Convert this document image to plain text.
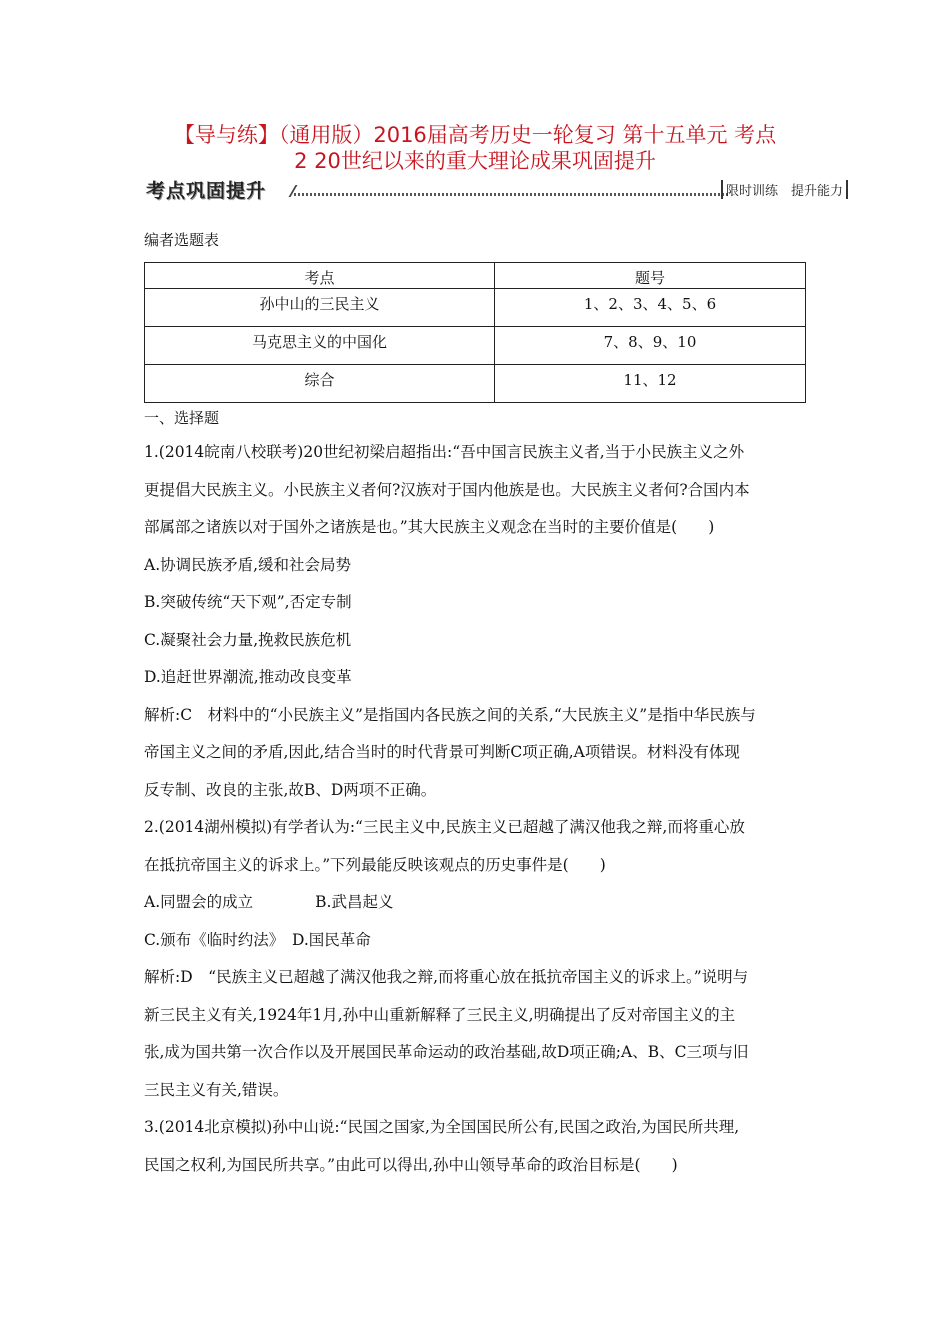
【导与练】（通用版）2016届高考历史一轮复习 第十五单元 考点
2 20世纪以来的重大理论成果巩固提升
考点巩固提升	限时训练　提升能力
编者选题表
考点	题号
孙中山的三民主义	1、2、3、4、5、6
马克思主义的中国化	7、8、9、10
综合	11、12
一、选择题
1.(2014皖南八校联考)20世纪初梁启超指出:“吾中国言民族主义者,当于小民族主义之外
更提倡大民族主义。小民族主义者何?汉族对于国内他族是也。大民族主义者何?合国内本
部属部之诸族以对于国外之诸族是也。”其大民族主义观念在当时的主要价值是(　　)
A.协调民族矛盾,缓和社会局势
B.突破传统“天下观”,否定专制
C.凝聚社会力量,挽救民族危机
D.追赶世界潮流,推动改良变革
解析:C　材料中的“小民族主义”是指国内各民族之间的关系,“大民族主义”是指中华民族与
帝国主义之间的矛盾,因此,结合当时的时代背景可判断C项正确,A项错误。材料没有体现
反专制、改良的主张,故B、D两项不正确。
2.(2014湖州模拟)有学者认为:“三民主义中,民族主义已超越了满汉他我之辩,而将重心放
在抵抗帝国主义的诉求上。”下列最能反映该观点的历史事件是(　　)
A.同盟会的成立　　　　B.武昌起义
C.颁布《临时约法》　D.国民革命
解析:D　“民族主义已超越了满汉他我之辩,而将重心放在抵抗帝国主义的诉求上。”说明与
新三民主义有关,1924年1月,孙中山重新解释了三民主义,明确提出了反对帝国主义的主
张,成为国共第一次合作以及开展国民革命运动的政治基础,故D项正确;A、B、C三项与旧
三民主义有关,错误。
3.(2014北京模拟)孙中山说:“民国之国家,为全国国民所公有,民国之政治,为国民所共理,
民国之权利,为国民所共享。”由此可以得出,孙中山领导革命的政治目标是(　　)
